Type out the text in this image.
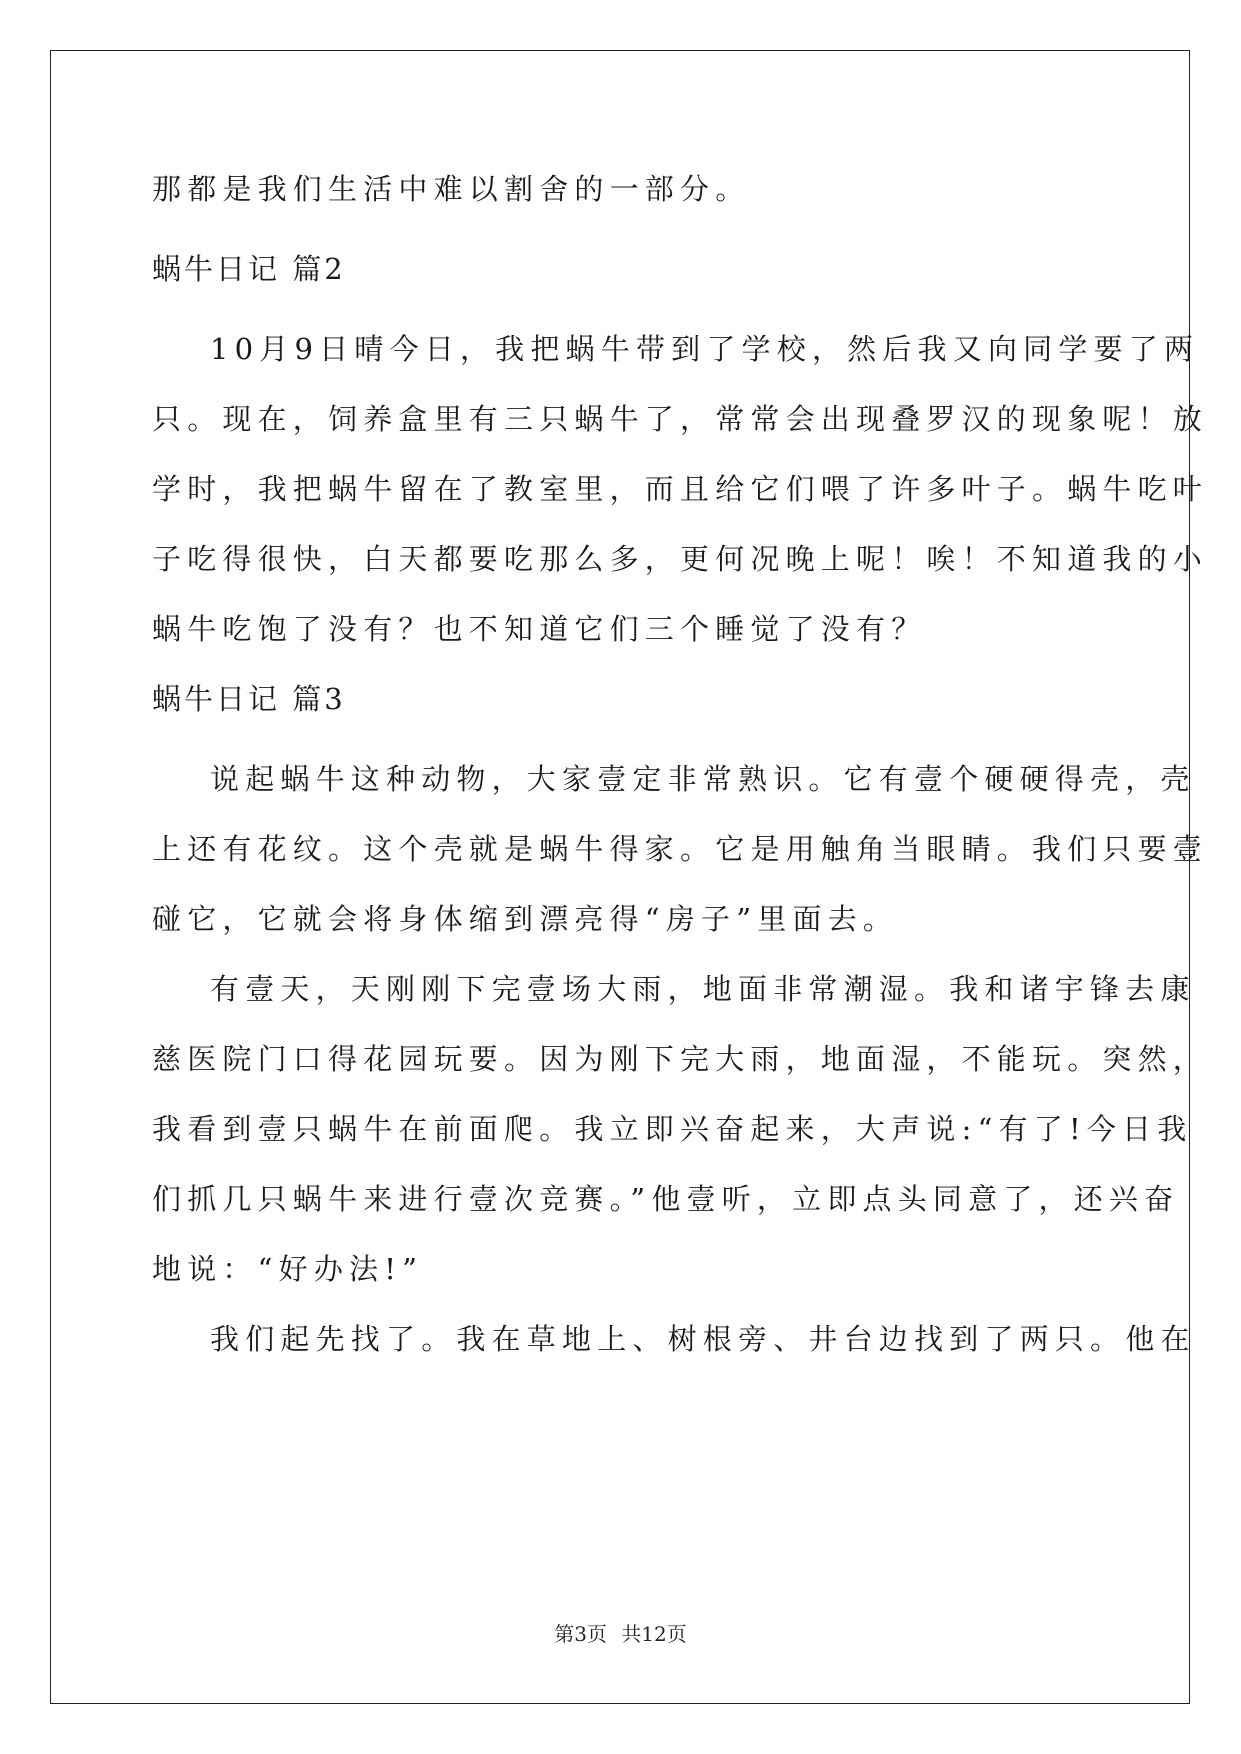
那都是我们生活中难以割舍的一部分。
蜗牛日记 篇2
10月9日晴今日，我把蜗牛带到了学校，然后我又向同学要了两
只。现在，饲养盒里有三只蜗牛了，常常会出现叠罗汉的现象呢！放
学时，我把蜗牛留在了教室里，而且给它们喂了许多叶子。蜗牛吃叶
子吃得很快，白天都要吃那么多，更何况晚上呢！唉！不知道我的小
蜗牛吃饱了没有？也不知道它们三个睡觉了没有？
蜗牛日记 篇3
说起蜗牛这种动物，大家壹定非常熟识。它有壹个硬硬得壳，壳
上还有花纹。这个壳就是蜗牛得家。它是用触角当眼睛。我们只要壹
碰它，它就会将身体缩到漂亮得“房子”里面去。
有壹天，天刚刚下完壹场大雨，地面非常潮湿。我和诸宇锋去康
慈医院门口得花园玩要。因为刚下完大雨，地面湿，不能玩。突然，
我看到壹只蜗牛在前面爬。我立即兴奋起来，大声说:“有了!今日我
们抓几只蜗牛来进行壹次竞赛。”他壹听，立即点头同意了，还兴奋
地说：“好办法!”
我们起先找了。我在草地上、树根旁、井台边找到了两只。他在
第3页 共12页
